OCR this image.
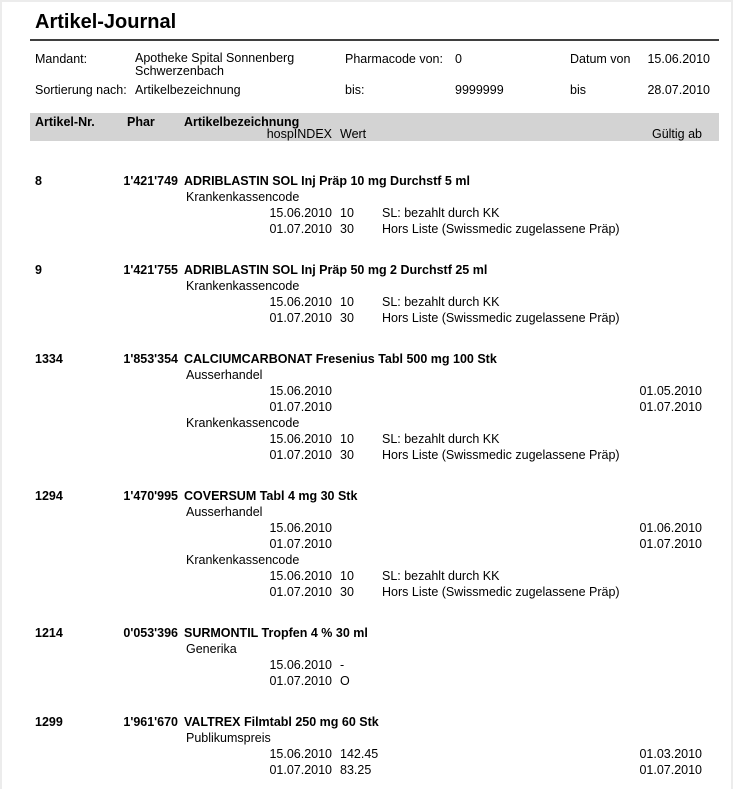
Artikel-Journal
Mandant:	Apotheke Spital Sonnenberg Schwerzenbach
Pharmacode von: 0	Datum von 15.06.2010
Sortierung nach: Artikelbezeichnung	bis:	9999999	bis	28.07.2010
Artikel-Nr.	Phar Artikelbezeichnung
hospINDEX Wert	Gültig ab
8	1'421'749 ADRIBLASTIN SOL Inj Präp 10 mg Durchstf 5 ml
Krankenkassencode
15.06.2010 10 SL: bezahlt durch KK
01.07.2010 30 Hors Liste (Swissmedic zugelassene Präp)
9	1'421'755 ADRIBLASTIN SOL Inj Präp 50 mg 2 Durchstf 25 ml
Krankenkassencode
15.06.2010 10 SL: bezahlt durch KK
01.07.2010 30 Hors Liste (Swissmedic zugelassene Präp)
1334	1'853'354 CALCIUMCARBONAT Fresenius Tabl 500 mg 100 Stk
Ausserhandel
15.06.2010	01.05.2010
01.07.2010	01.07.2010
Krankenkassencode
15.06.2010 10 SL: bezahlt durch KK
01.07.2010 30 Hors Liste (Swissmedic zugelassene Präp)
1294	1'470'995 COVERSUM Tabl 4 mg 30 Stk
Ausserhandel
15.06.2010	01.06.2010
01.07.2010	01.07.2010
Krankenkassencode
15.06.2010 10 SL: bezahlt durch KK
01.07.2010 30 Hors Liste (Swissmedic zugelassene Präp)
1214	0'053'396 SURMONTIL Tropfen 4 % 30 ml
Generika
15.06.2010 -
01.07.2010 O
1299	1'961'670 VALTREX Filmtabl 250 mg 60 Stk
Publikumspreis
15.06.2010 142.45	01.03.2010
01.07.2010 83.25	01.07.2010
